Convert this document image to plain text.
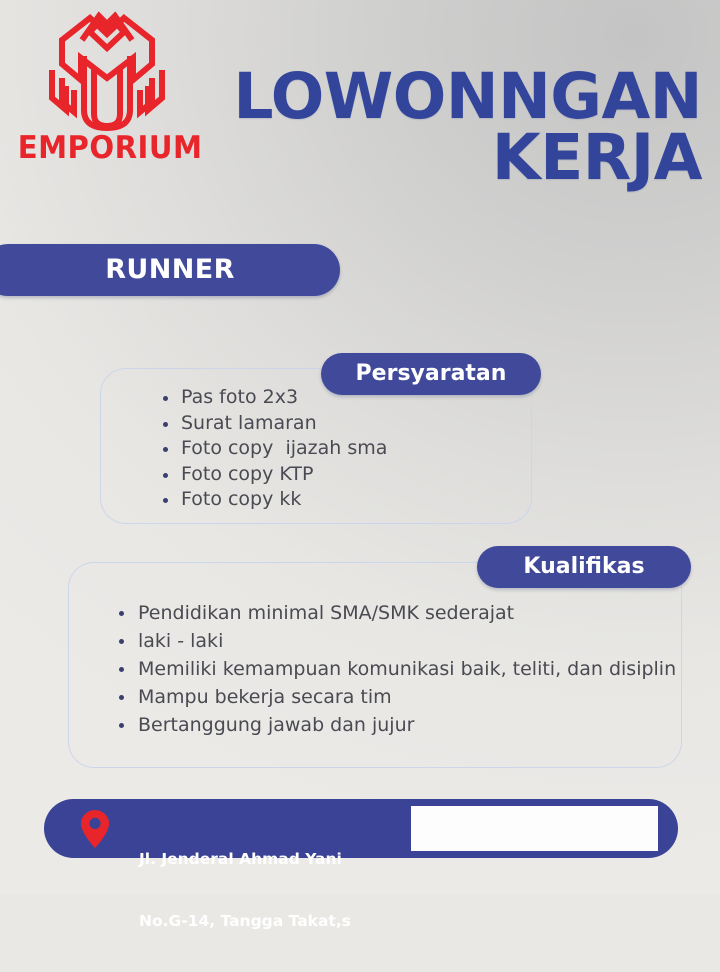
EMPORIUM
LOWONNGAN
KERJA
RUNNER
Pas foto 2x3
Surat lamaran
Foto copy  ijazah sma
Foto copy KTP
Foto copy kk
Persyaratan
Pendidikan minimal SMA/SMK sederajat
laki - laki
Memiliki kemampuan komunikasi baik, teliti, dan disiplin
Mampu bekerja secara tim
Bertanggung jawab dan jujur
Kualifikas

Jl. Jenderal Ahmad Yani

No.G-14, Tangga Takat,s
